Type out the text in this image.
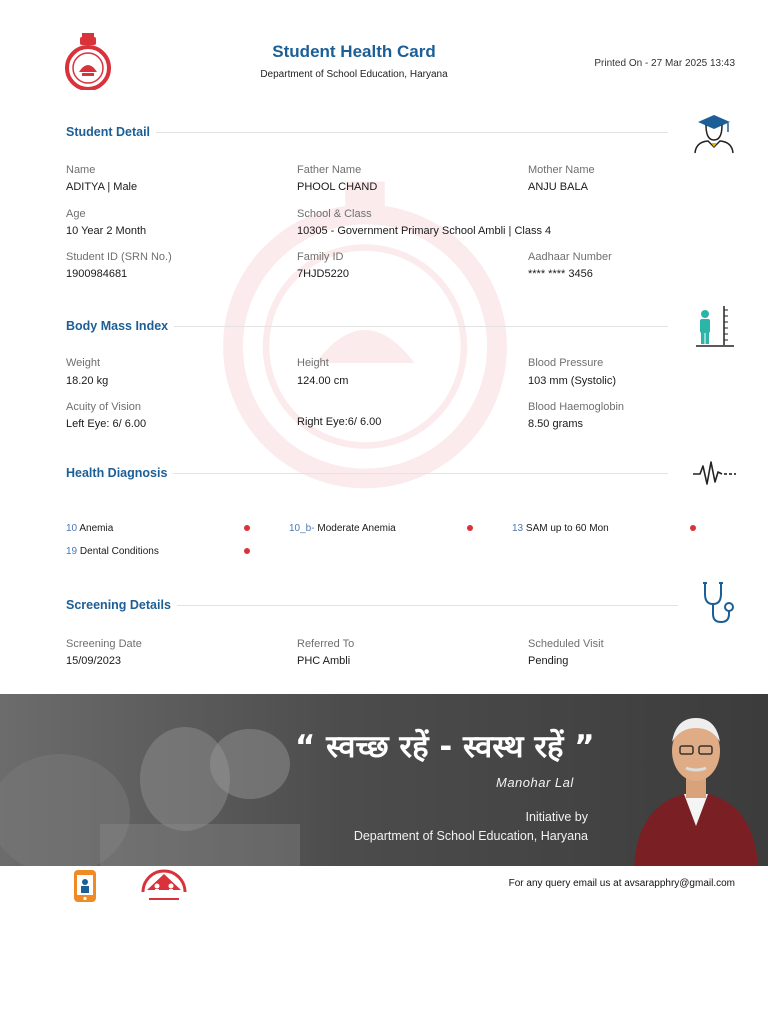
Student Health Card
Department of School Education, Haryana
Printed On - 27 Mar 2025 13:43
Student Detail
Name
ADITYA | Male
Father Name
PHOOL CHAND
Mother Name
ANJU BALA
Age
10 Year 2 Month
School & Class
10305 - Government Primary School Ambli | Class 4
Student ID (SRN No.)
1900984681
Family ID
7HJD5220
Aadhaar Number
**** **** 3456
Body Mass Index
Weight
18.20 kg
Height
124.00 cm
Blood Pressure
103 mm (Systolic)
Acuity of Vision
Left Eye: 6/ 6.00	Right Eye:6/ 6.00
Blood Haemoglobin
8.50 grams
Health Diagnosis
10 Anemia	10_b- Moderate Anemia	13 SAM up to 60 Mon
19 Dental Conditions
Screening Details
Screening Date
15/09/2023
Referred To
PHC Ambli
Scheduled Visit
Pending
“ स्वच्छ रहें - स्वस्थ रहें ”
Manohar Lal
Initiative by
Department of School Education, Haryana
For any query email us at avsarapphry@gmail.com
